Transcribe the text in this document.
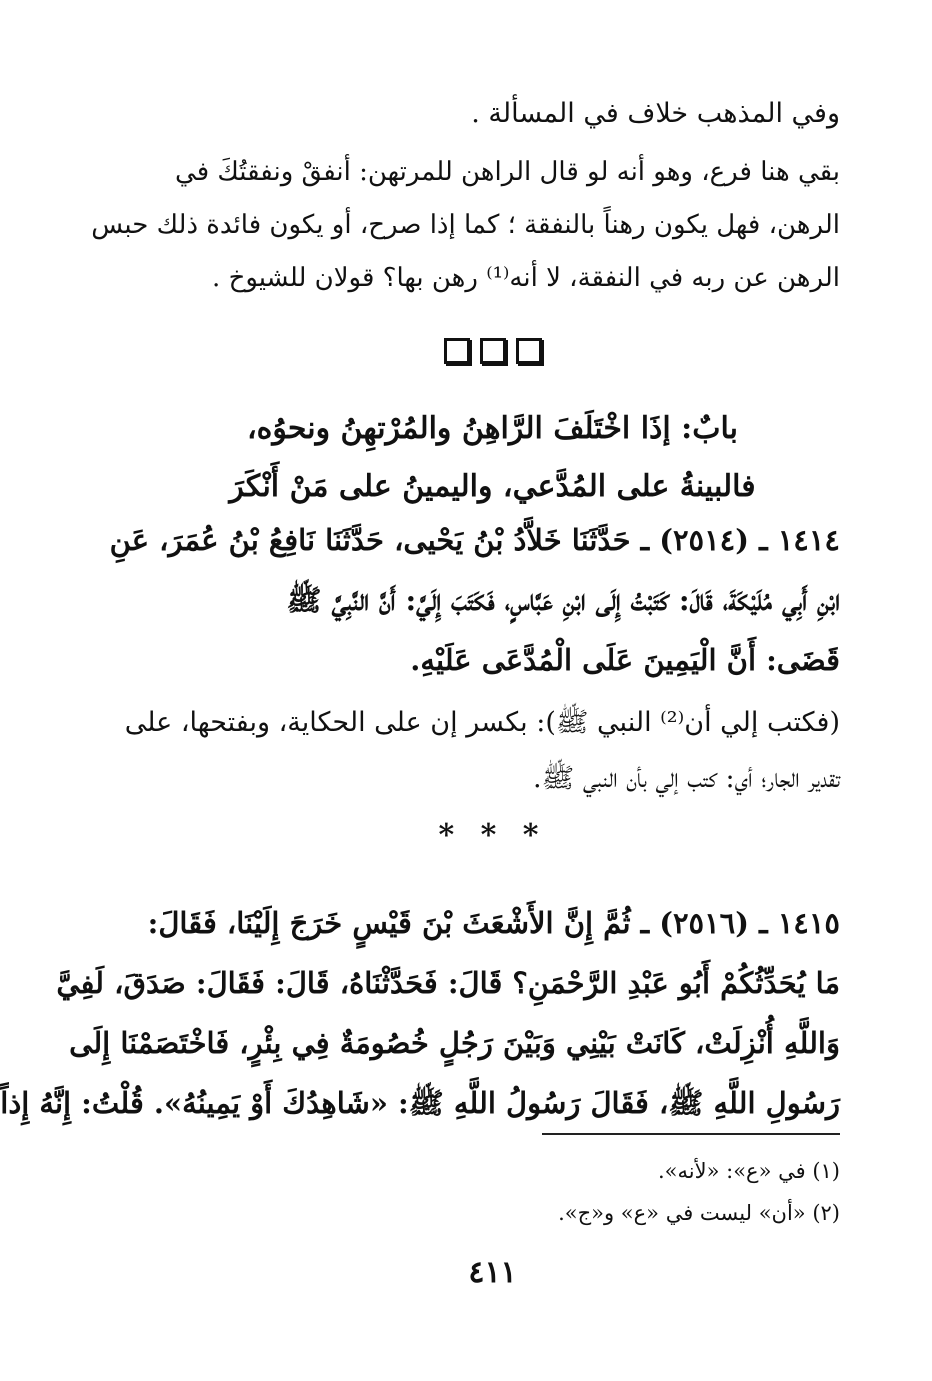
وفي المذهب خلاف في المسألة .
بقي هنا فرع، وهو أنه لو قال الراهن للمرتهن: أنفقْ ونفقتُكَ في
الرهن، فهل يكون رهناً بالنفقة ؛ كما إذا صرح، أو يكون فائدة ذلك حبس
الرهن عن ربه في النفقة، لا أنه⁽¹⁾ رهن بها؟ قولان للشيوخ .
بابٌ: إذَا اخْتَلَفَ الرَّاهِنُ والمُرْتهِنُ ونحوُه،
فالبينةُ على المُدَّعي، واليمينُ على مَنْ أَنْكَرَ
١٤١٤ ـ (٢٥١٤) ـ حَدَّثَنَا خَلاَّدُ بْنُ يَحْيى، حَدَّثَنَا نَافِعُ بْنُ عُمَرَ، عَنِ
ابْنِ أَبِي مُلَيْكَةَ، قَالَ: كَتَبْتُ إِلَى ابْنِ عَبَّاسٍ، فَكَتَبَ إِلَيَّ: أَنَّ النَّبِيَّ ﷺ
قَضَى: أَنَّ الْيَمِينَ عَلَى الْمُدَّعَى عَلَيْهِ.
(فكتب إلي أن⁽²⁾ النبي ﷺ): بكسر إن على الحكاية، وبفتحها، على
تقدير الجار؛ أي: كتب إلي بأن النبي ﷺ.
* * *
١٤١٥ ـ (٢٥١٦) ـ ثُمَّ إِنَّ الأَشْعَثَ بْنَ قَيْسٍ خَرَجَ إِلَيْنَا، فَقَالَ:
مَا يُحَدِّثُكُمْ أَبُو عَبْدِ الرَّحْمَنِ؟ قَالَ: فَحَدَّثْنَاهُ، قَالَ: فَقَالَ: صَدَقَ، لَفِيَّ
وَاللَّهِ أُنْزِلَتْ، كَانَتْ بَيْنِي وَبَيْنَ رَجُلٍ خُصُومَةٌ فِي بِئْرٍ، فَاخْتَصَمْنَا إِلَى
رَسُولِ اللَّهِ ﷺ، فَقَالَ رَسُولُ اللَّهِ ﷺ: «شَاهِدُكَ أَوْ يَمِينُهُ». قُلْتُ: إِنَّهُ إِذاً
(١) في «ع»: «لأنه».
(٢) «أن» ليست في «ع» و«ج».
٤١١
